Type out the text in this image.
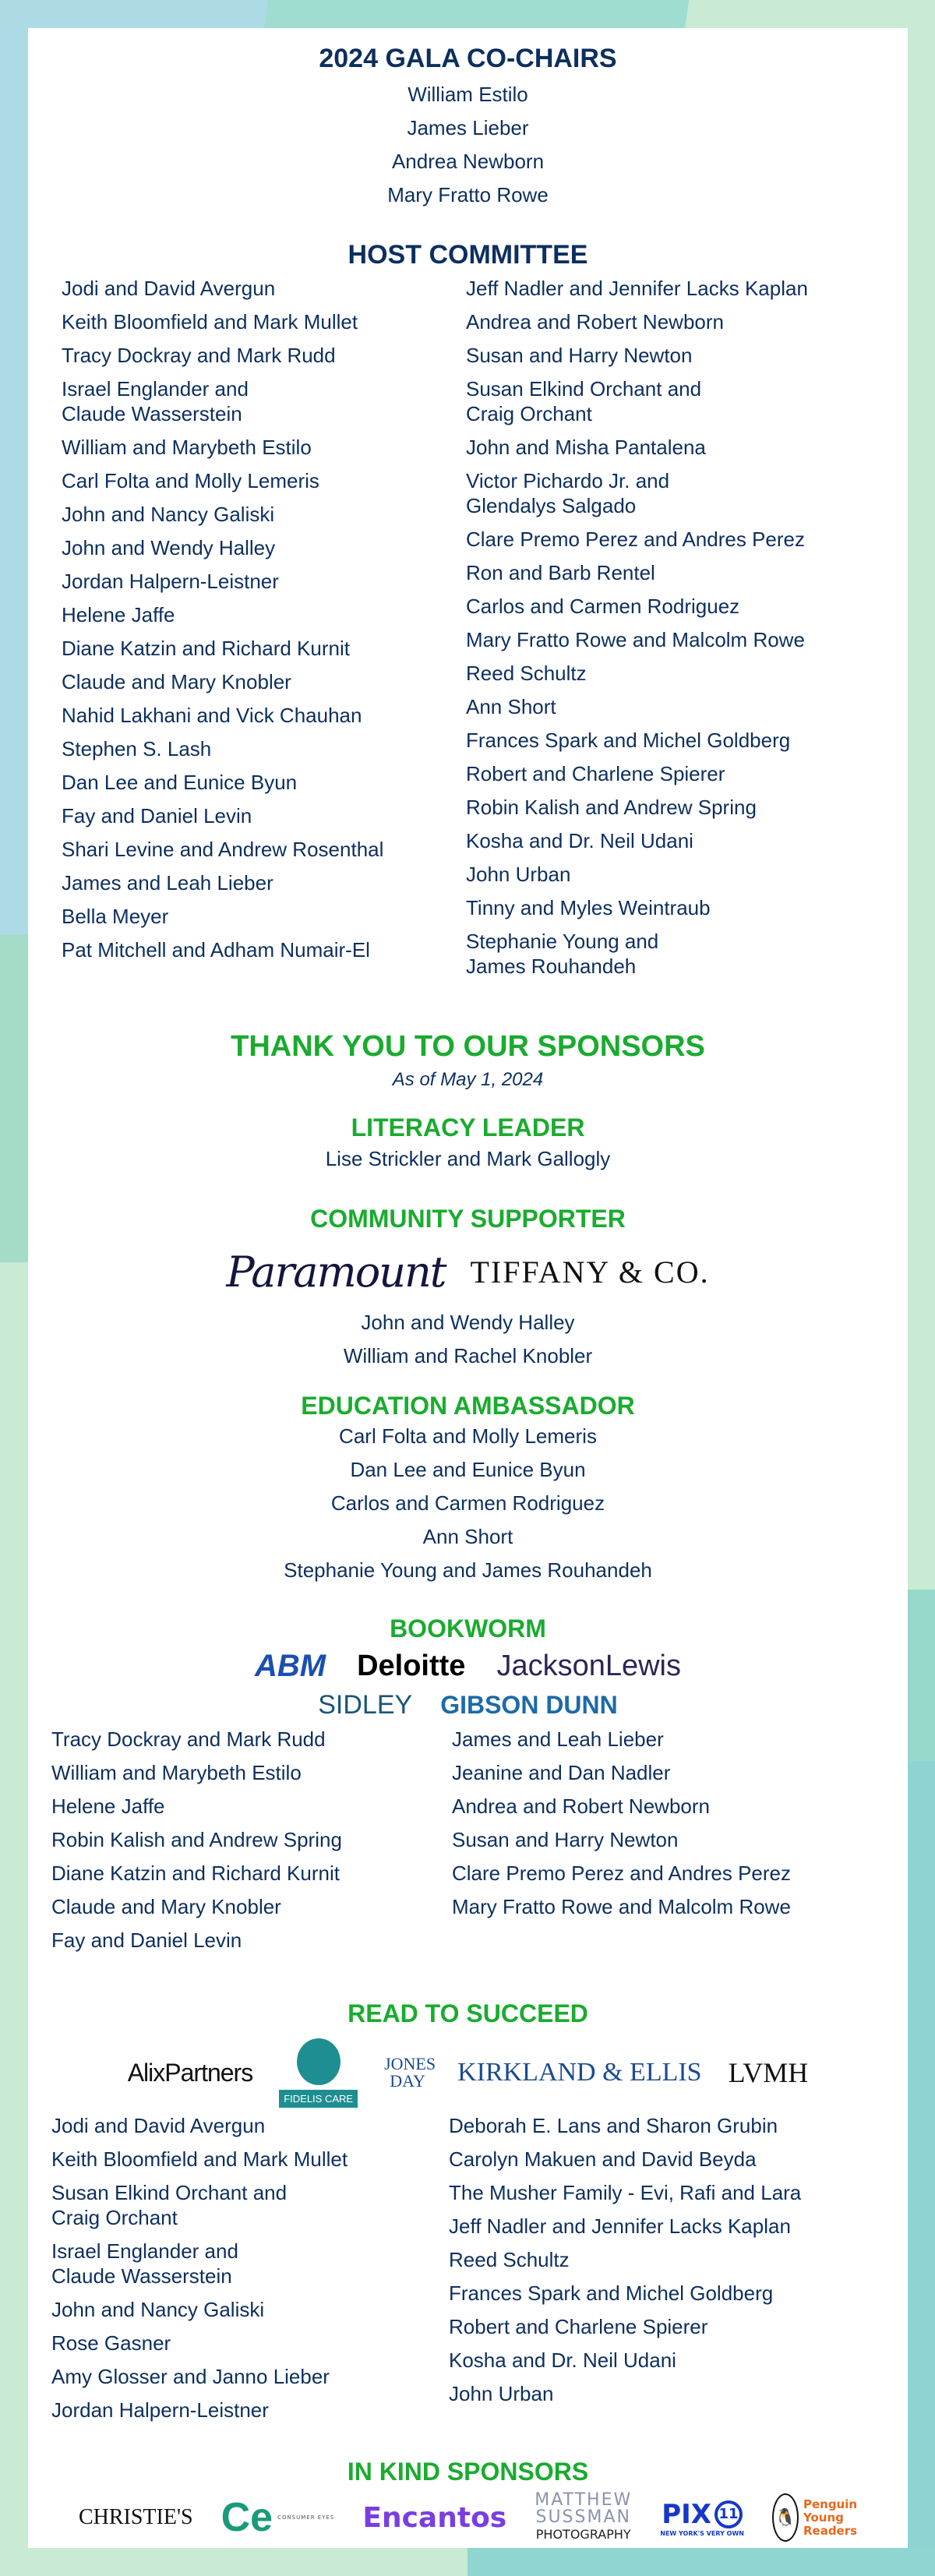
2024 GALA CO-CHAIRS
William Estilo
James Lieber
Andrea Newborn
Mary Fratto Rowe
HOST COMMITTEE
Jodi and David Avergun
Keith Bloomfield and Mark Mullet
Tracy Dockray and Mark Rudd
Israel Englander and
Claude Wasserstein
William and Marybeth Estilo
Carl Folta and Molly Lemeris
John and Nancy Galiski
John and Wendy Halley
Jordan Halpern-Leistner
Helene Jaffe
Diane Katzin and Richard Kurnit
Claude and Mary Knobler
Nahid Lakhani and Vick Chauhan
Stephen S. Lash
Dan Lee and Eunice Byun
Fay and Daniel Levin
Shari Levine and Andrew Rosenthal
James and Leah Lieber
Bella Meyer
Pat Mitchell and Adham Numair-El
Jeff Nadler and Jennifer Lacks Kaplan
Andrea and Robert Newborn
Susan and Harry Newton
Susan Elkind Orchant and
Craig Orchant
John and Misha Pantalena
Victor Pichardo Jr. and
Glendalys Salgado
Clare Premo Perez and Andres Perez
Ron and Barb Rentel
Carlos and Carmen Rodriguez
Mary Fratto Rowe and Malcolm Rowe
Reed Schultz
Ann Short
Frances Spark and Michel Goldberg
Robert and Charlene Spierer
Robin Kalish and Andrew Spring
Kosha and Dr. Neil Udani
John Urban
Tinny and Myles Weintraub
Stephanie Young and
James Rouhandeh
THANK YOU TO OUR SPONSORS
As of May 1, 2024
LITERACY LEADER
Lise Strickler and Mark Gallogly
COMMUNITY SUPPORTER
Paramount TIFFANY & CO.
John and Wendy Halley
William and Rachel Knobler
EDUCATION AMBASSADOR
Carl Folta and Molly Lemeris
Dan Lee and Eunice Byun
Carlos and Carmen Rodriguez
Ann Short
Stephanie Young and James Rouhandeh
BOOKWORM
ABM Deloitte JacksonLewis
SIDLEY GIBSON DUNN
Tracy Dockray and Mark Rudd
William and Marybeth Estilo
Helene Jaffe
Robin Kalish and Andrew Spring
Diane Katzin and Richard Kurnit
Claude and Mary Knobler
Fay and Daniel Levin
James and Leah Lieber
Jeanine and Dan Nadler
Andrea and Robert Newborn
Susan and Harry Newton
Clare Premo Perez and Andres Perez
Mary Fratto Rowe and Malcolm Rowe
READ TO SUCCEED
AlixPartners
FIDELIS CARE
JONES DAY KIRKLAND & ELLIS LVMH
Jodi and David Avergun
Keith Bloomfield and Mark Mullet
Susan Elkind Orchant and
Craig Orchant
Israel Englander and
Claude Wasserstein
John and Nancy Galiski
Rose Gasner
Amy Glosser and Janno Lieber
Jordan Halpern-Leistner
Deborah E. Lans and Sharon Grubin
Carolyn Makuen and David Beyda
The Musher Family - Evi, Rafi and Lara
Jeff Nadler and Jennifer Lacks Kaplan
Reed Schultz
Frances Spark and Michel Goldberg
Robert and Charlene Spierer
Kosha and Dr. Neil Udani
John Urban
IN KIND SPONSORS
CHRISTIE'S Ce CONSUMER EYES Encantos
MATTHEW
SUSSMAN
PHOTOGRAPHY
PIX 11
NEW YORK'S VERY OWN
🐧
Penguin
Young
Readers
